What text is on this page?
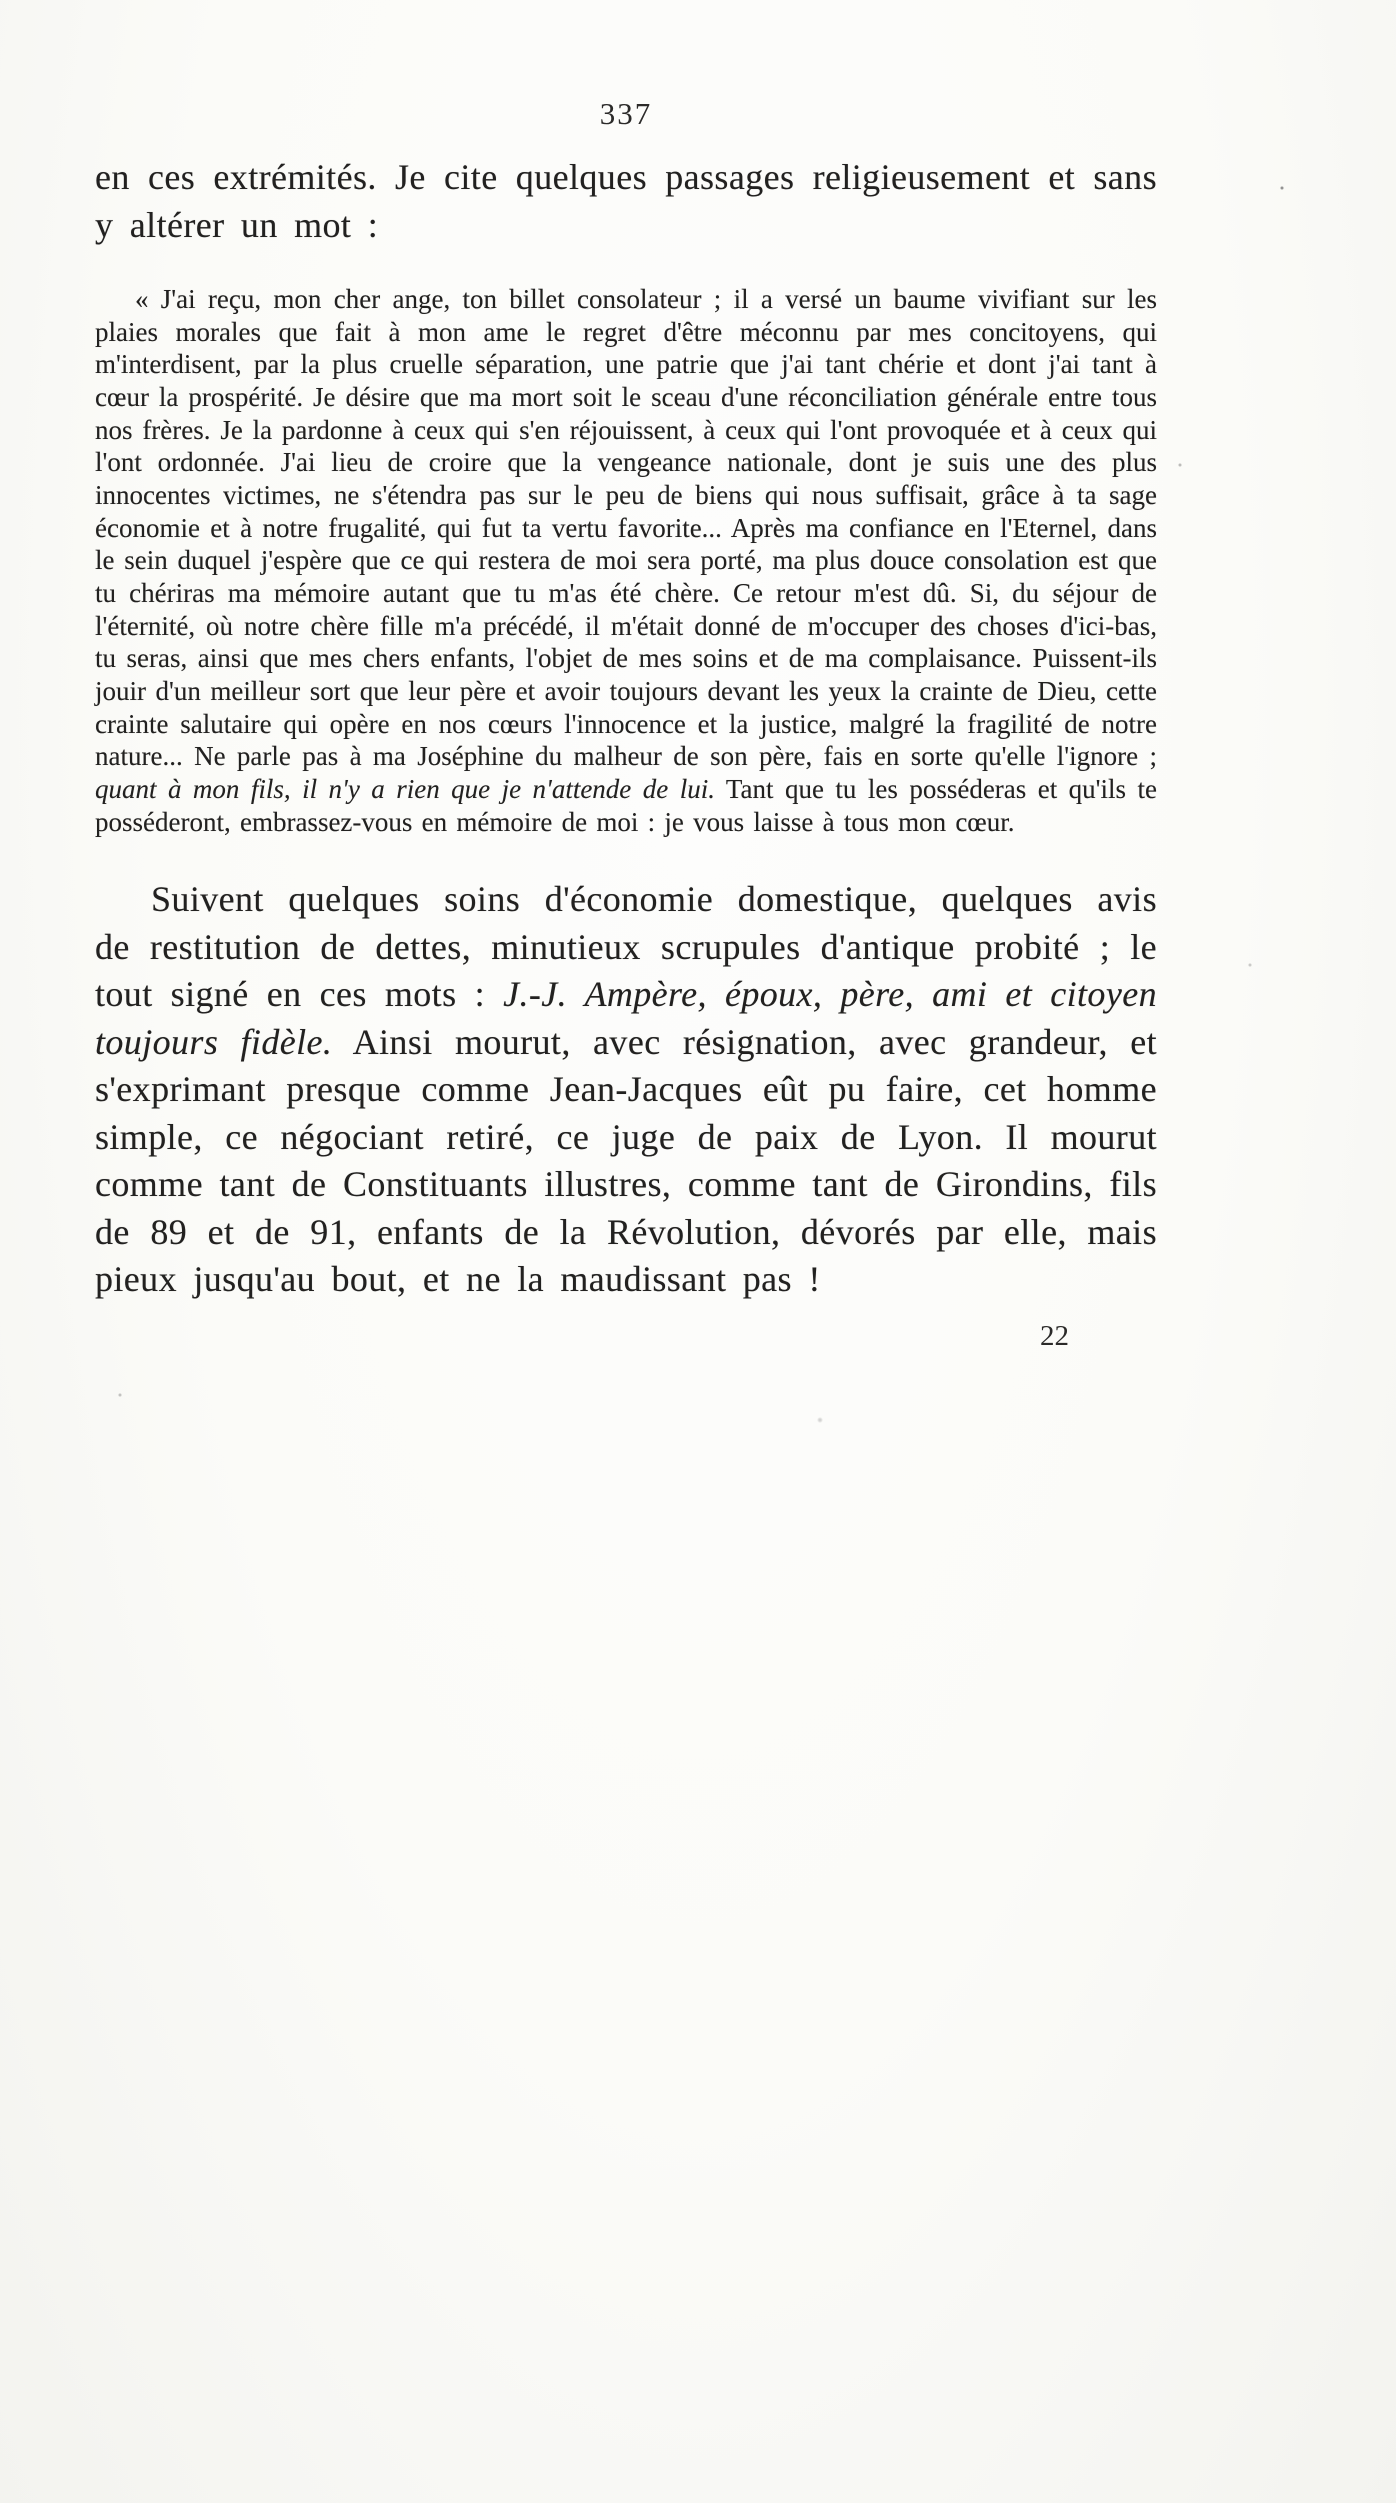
337

en ces extrémités. Je cite quelques passages religieusement et sans y altérer un mot :

« J'ai reçu, mon cher ange, ton billet consolateur ; il a versé un baume vivifiant sur les plaies morales que fait à mon ame le regret d'être méconnu par mes concitoyens, qui m'interdisent, par la plus cruelle séparation, une patrie que j'ai tant chérie et dont j'ai tant à cœur la prospérité. Je désire que ma mort soit le sceau d'une réconciliation générale entre tous nos frères. Je la pardonne à ceux qui s'en réjouissent, à ceux qui l'ont provoquée et à ceux qui l'ont ordonnée. J'ai lieu de croire que la vengeance nationale, dont je suis une des plus innocentes victimes, ne s'étendra pas sur le peu de biens qui nous suffisait, grâce à ta sage économie et à notre frugalité, qui fut ta vertu favorite... Après ma confiance en l'Eternel, dans le sein duquel j'espère que ce qui restera de moi sera porté, ma plus douce consolation est que tu chériras ma mémoire autant que tu m'as été chère. Ce retour m'est dû. Si, du séjour de l'éternité, où notre chère fille m'a précédé, il m'était donné de m'occuper des choses d'ici-bas, tu seras, ainsi que mes chers enfants, l'objet de mes soins et de ma complaisance. Puissent-ils jouir d'un meilleur sort que leur père et avoir toujours devant les yeux la crainte de Dieu, cette crainte salutaire qui opère en nos cœurs l'innocence et la justice, malgré la fragilité de notre nature... Ne parle pas à ma Joséphine du malheur de son père, fais en sorte qu'elle l'ignore ; quant à mon fils, il n'y a rien que je n'attende de lui. Tant que tu les posséderas et qu'ils te posséderont, embrassez-vous en mémoire de moi : je vous laisse à tous mon cœur.

Suivent quelques soins d'économie domestique, quelques avis de restitution de dettes, minutieux scrupules d'antique probité ; le tout signé en ces mots : J.-J. Ampère, époux, père, ami et citoyen toujours fidèle. Ainsi mourut, avec résignation, avec grandeur, et s'exprimant presque comme Jean-Jacques eût pu faire, cet homme simple, ce négociant retiré, ce juge de paix de Lyon. Il mourut comme tant de Constituants illustres, comme tant de Girondins, fils de 89 et de 91, enfants de la Révolution, dévorés par elle, mais pieux jusqu'au bout, et ne la maudissant pas !

22
